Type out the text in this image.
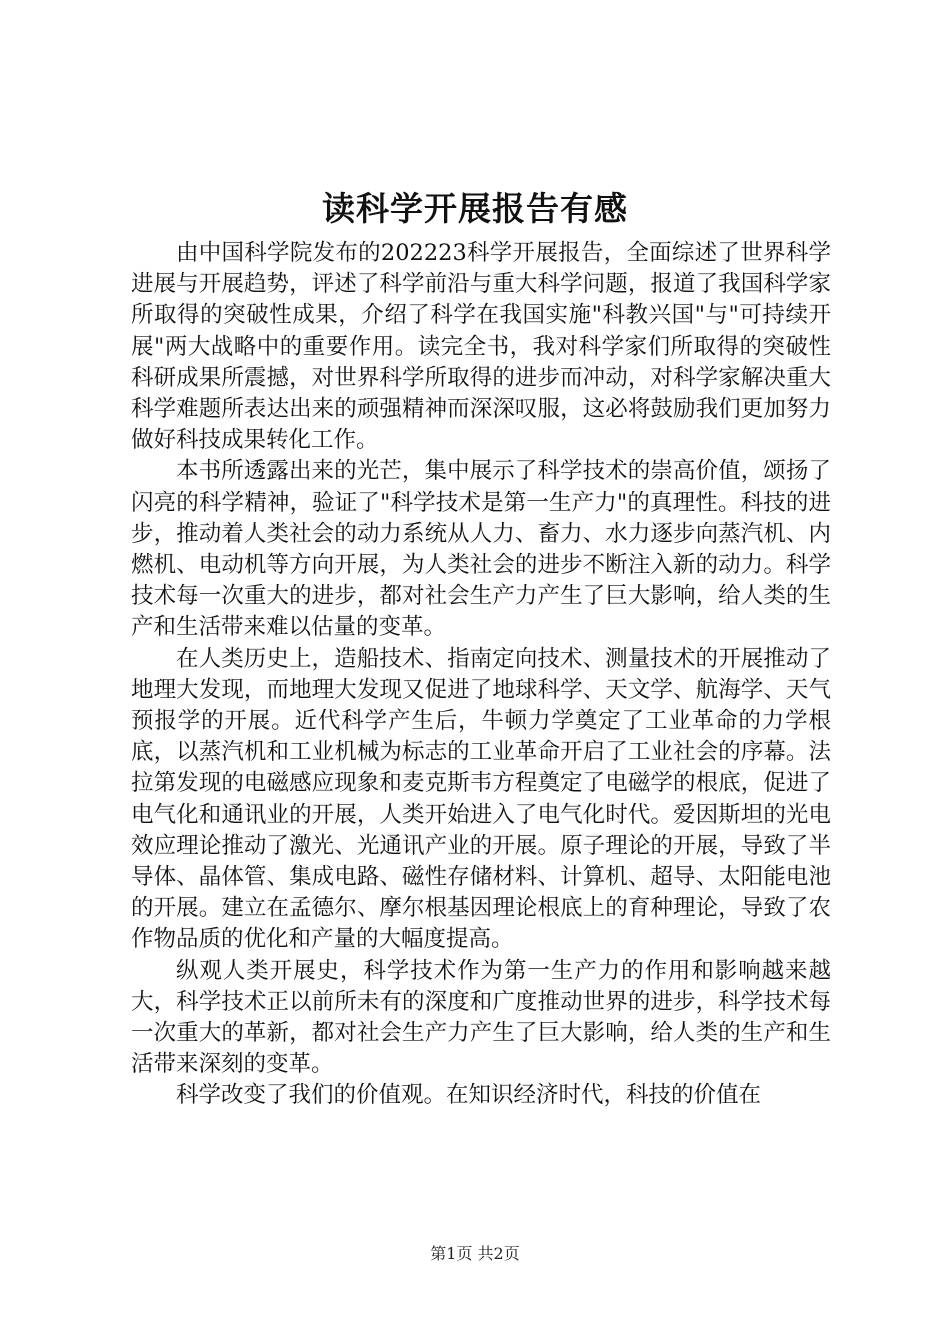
读科学开展报告有感

由中国科学院发布的202223科学开展报告，全面综述了世界科学进展与开展趋势，评述了科学前沿与重大科学问题，报道了我国科学家所取得的突破性成果，介绍了科学在我国实施"科教兴国"与"可持续开展"两大战略中的重要作用。读完全书，我对科学家们所取得的突破性科研成果所震撼，对世界科学所取得的进步而冲动，对科学家解决重大科学难题所表达出来的顽强精神而深深叹服，这必将鼓励我们更加努力做好科技成果转化工作。

本书所透露出来的光芒，集中展示了科学技术的崇高价值，颂扬了闪亮的科学精神，验证了"科学技术是第一生产力"的真理性。科技的进步，推动着人类社会的动力系统从人力、畜力、水力逐步向蒸汽机、内燃机、电动机等方向开展，为人类社会的进步不断注入新的动力。科学技术每一次重大的进步，都对社会生产力产生了巨大影响，给人类的生产和生活带来难以估量的变革。

在人类历史上，造船技术、指南定向技术、测量技术的开展推动了地理大发现，而地理大发现又促进了地球科学、天文学、航海学、天气预报学的开展。近代科学产生后，牛顿力学奠定了工业革命的力学根底，以蒸汽机和工业机械为标志的工业革命开启了工业社会的序幕。法拉第发现的电磁感应现象和麦克斯韦方程奠定了电磁学的根底，促进了电气化和通讯业的开展，人类开始进入了电气化时代。爱因斯坦的光电效应理论推动了激光、光通讯产业的开展。原子理论的开展，导致了半导体、晶体管、集成电路、磁性存储材料、计算机、超导、太阳能电池的开展。建立在孟德尔、摩尔根基因理论根底上的育种理论，导致了农作物品质的优化和产量的大幅度提高。

纵观人类开展史，科学技术作为第一生产力的作用和影响越来越大，科学技术正以前所未有的深度和广度推动世界的进步，科学技术每一次重大的革新，都对社会生产力产生了巨大影响，给人类的生产和生活带来深刻的变革。

科学改变了我们的价值观。在知识经济时代，科技的价值在

第1页 共2页
